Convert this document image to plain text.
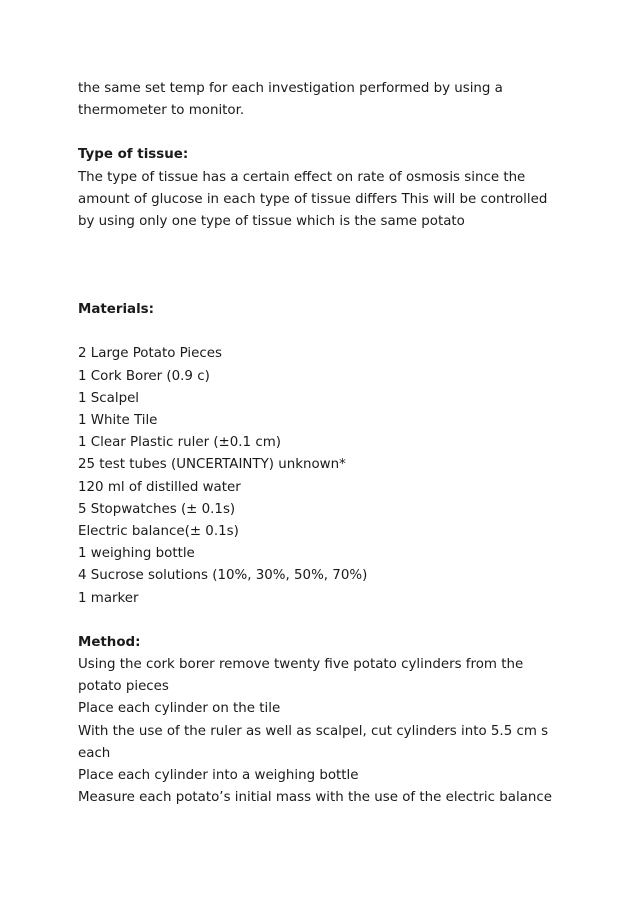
the same set temp for each investigation performed by using a
thermometer to monitor.
Type of tissue:
The type of tissue has a certain effect on rate of osmosis since the
amount of glucose in each type of tissue differs This will be controlled
by using only one type of tissue which is the same potato
Materials:
2 Large Potato Pieces
1 Cork Borer (0.9 c)
1 Scalpel
1 White Tile
1 Clear Plastic ruler (±0.1 cm)
25 test tubes (UNCERTAINTY) unknown*
120 ml of distilled water
5 Stopwatches (± 0.1s)
Electric balance(± 0.1s)
1 weighing bottle
4 Sucrose solutions (10%, 30%, 50%, 70%)
1 marker
Method:
Using the cork borer remove twenty five potato cylinders from the
potato pieces
Place each cylinder on the tile
With the use of the ruler as well as scalpel, cut cylinders into 5.5 cm s
each
Place each cylinder into a weighing bottle
Measure each potato’s initial mass with the use of the electric balance
